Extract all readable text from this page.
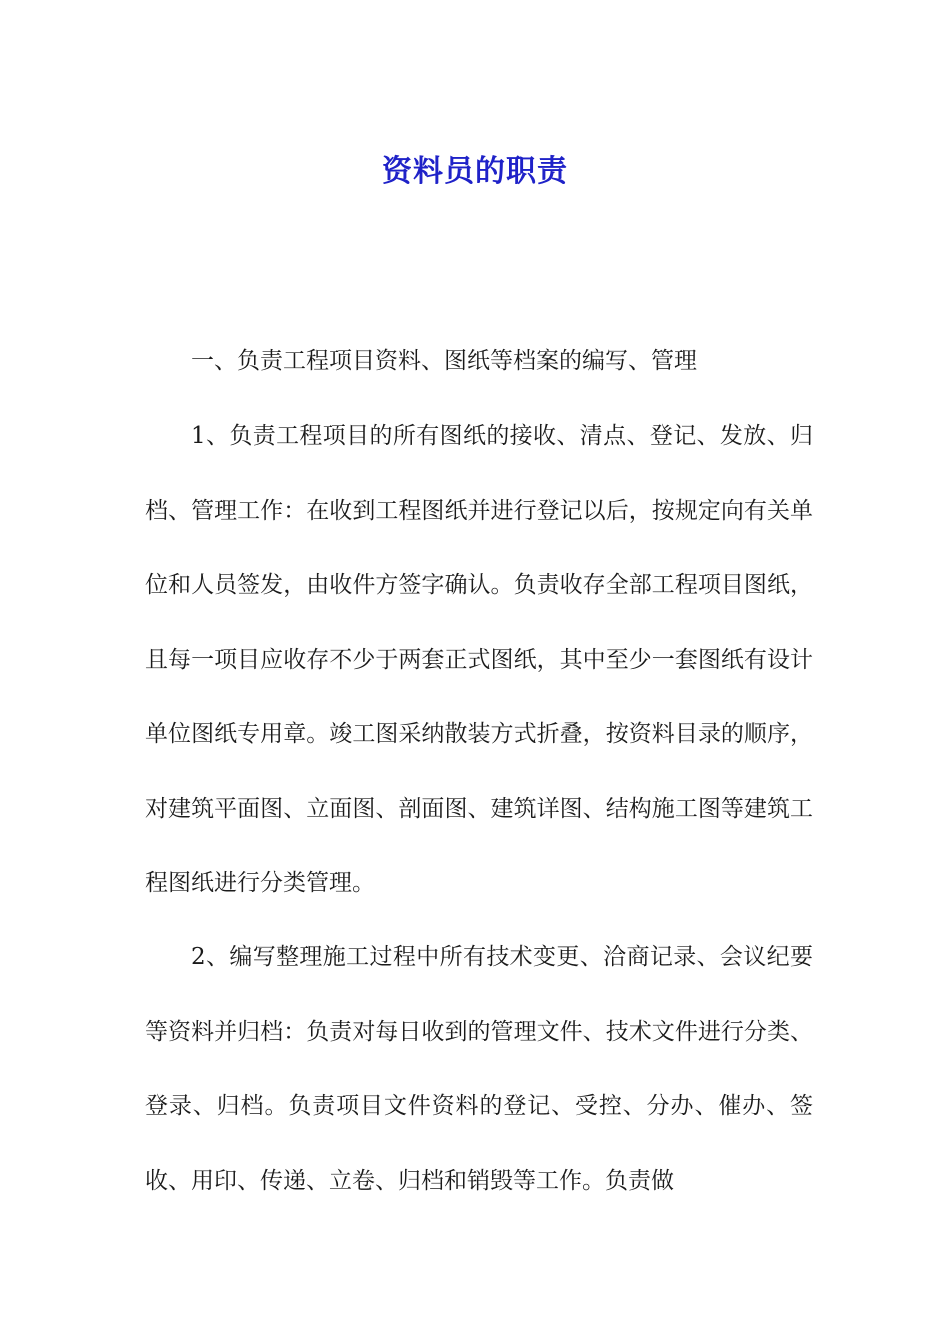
资料员的职责
一、负责工程项目资料、图纸等档案的编写、管理

1、负责工程项目的所有图纸的接收、清点、登记、发放、归档、管理工作：在收到工程图纸并进行登记以后，按规定向有关单位和人员签发，由收件方签字确认。负责收存全部工程项目图纸，且每一项目应收存不少于两套正式图纸，其中至少一套图纸有设计单位图纸专用章。竣工图采纳散装方式折叠，按资料目录的顺序，对建筑平面图、立面图、剖面图、建筑详图、结构施工图等建筑工程图纸进行分类管理。

2、编写整理施工过程中所有技术变更、洽商记录、会议纪要等资料并归档：负责对每日收到的管理文件、技术文件进行分类、登录、归档。负责项目文件资料的登记、受控、分办、催办、签收、用印、传递、立卷、归档和销毁等工作。负责做
